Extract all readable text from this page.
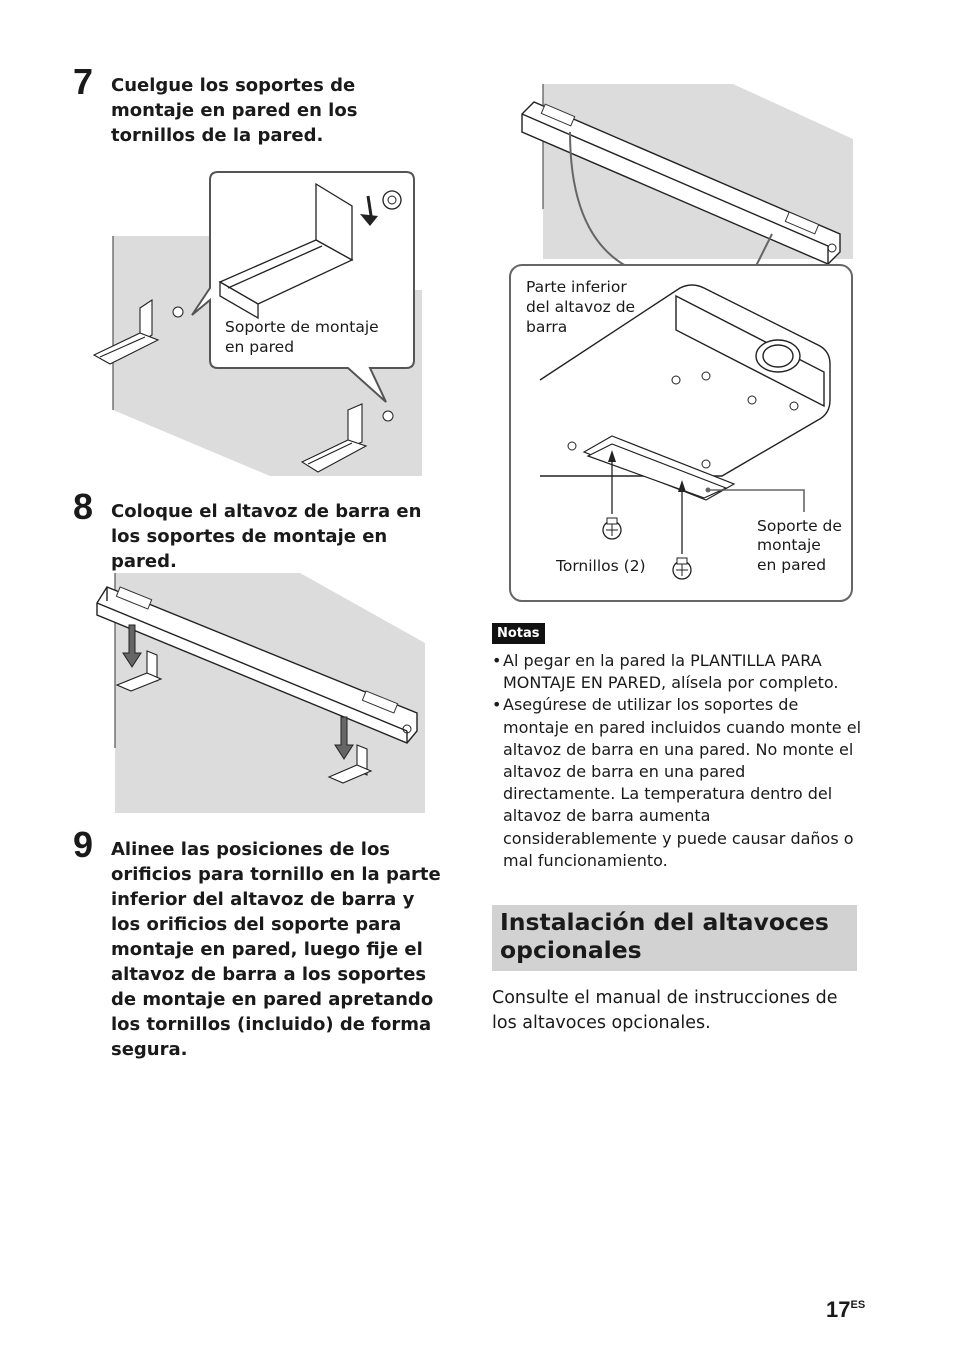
7 Cuelgue los soportes de montaje en pared en los tornillos de la pared.
Soporte de montaje
en pared
8 Coloque el altavoz de barra en los soportes de montaje en pared.
9 Alinee las posiciones de los orificios para tornillo en la parte inferior del altavoz de barra y los orificios del soporte para montaje en pared, luego fije el altavoz de barra a los soportes de montaje en pared apretando los tornillos (incluido) de forma segura.
Parte inferior
del altavoz de
barra
Tornillos (2)
Soporte de
montaje
en pared
Notas
• Al pegar en la pared la PLANTILLA PARA MONTAJE EN PARED, alísela por completo.
• Asegúrese de utilizar los soportes de montaje en pared incluidos cuando monte el altavoz de barra en una pared. No monte el altavoz de barra en una pared directamente. La temperatura dentro del altavoz de barra aumenta considerablemente y puede causar daños o mal funcionamiento.
Instalación del altavoces opcionales
Consulte el manual de instrucciones de los altavoces opcionales.
$17^{ES}$
